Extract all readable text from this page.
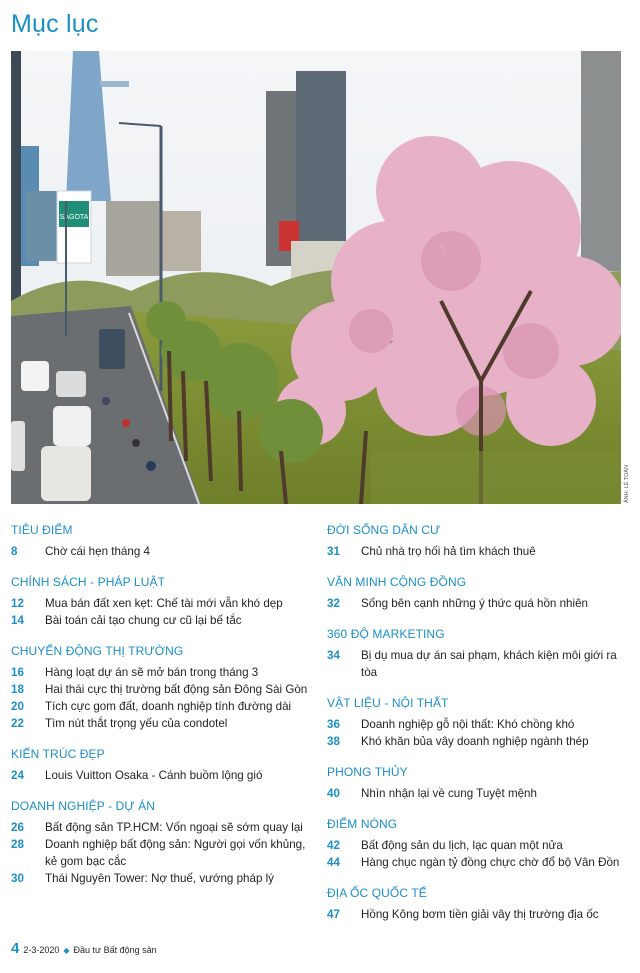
Mục lục
SAGOTA
ẢNH: LÊ TOÀN
TIÊU ĐIỂM
8	Chờ cái hẹn tháng 4
CHÍNH SÁCH - PHÁP LUẬT
12	Mua bán đất xen kẹt: Chế tài mới vẫn khó dẹp
14	Bài toán cải tạo chung cư cũ lại bế tắc
CHUYỂN ĐỘNG THỊ TRƯỜNG
16	Hàng loạt dự án sẽ mở bán trong tháng 3
18	Hai thái cực thị trường bất động sản Đông Sài Gòn
20	Tích cực gom đất, doanh nghiệp tính đường dài
22	Tìm nút thắt trọng yếu của condotel
KIẾN TRÚC ĐẸP
24	Louis Vuitton Osaka - Cánh buồm lộng gió
DOANH NGHIỆP - DỰ ÁN
26	Bất động sản TP.HCM: Vốn ngoại sẽ sớm quay lại
28	Doanh nghiệp bất động sản: Người gọi vốn khủng, kẻ gom bạc cắc
30	Thái Nguyên Tower: Nợ thuế, vướng pháp lý
ĐỜI SỐNG DÂN CƯ
31	Chủ nhà trọ hối hả tìm khách thuê
VĂN MINH CỘNG ĐỒNG
32	Sống bên cạnh những ý thức quá hồn nhiên
360 ĐỘ MARKETING
34	Bị dụ mua dự án sai phạm, khách kiện môi giới ra tòa
VẬT LIỆU - NỘI THẤT
36	Doanh nghiệp gỗ nội thất: Khó chồng khó
38	Khó khăn bủa vây doanh nghiệp ngành thép
PHONG THỦY
40	Nhìn nhận lại về cung Tuyệt mệnh
ĐIỂM NÓNG
42	Bất động sản du lịch, lạc quan một nửa
44	Hàng chục ngàn tỷ đồng chực chờ đổ bộ Vân Đồn
ĐỊA ỐC QUỐC TẾ
47	Hồng Kông bơm tiền giải vây thị trường địa ốc
4 2-3-2020 ◆ Đầu tư Bất động sản
